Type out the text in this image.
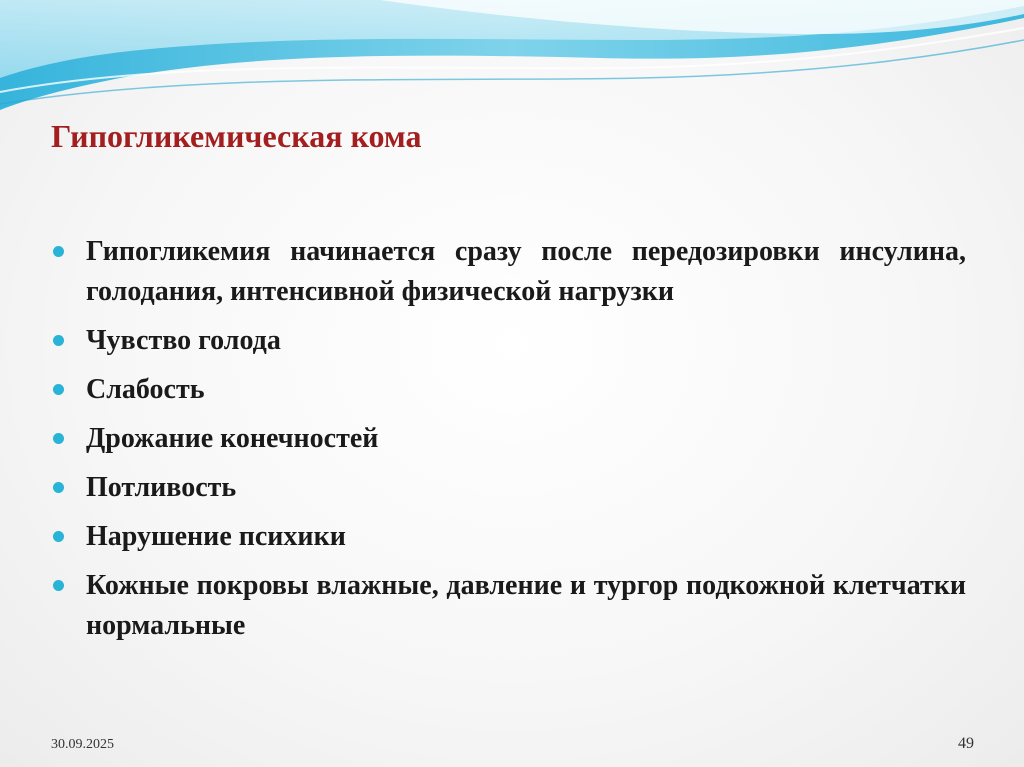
Гипогликемическая кома
Гипогликемия начинается сразу после передозировки инсулина, голодания, интенсивной физической нагрузки
Чувство голода
Слабость
Дрожание конечностей
Потливость
Нарушение психики
Кожные покровы влажные, давление и тургор подкожной клетчатки нормальные
30.09.2025	49
